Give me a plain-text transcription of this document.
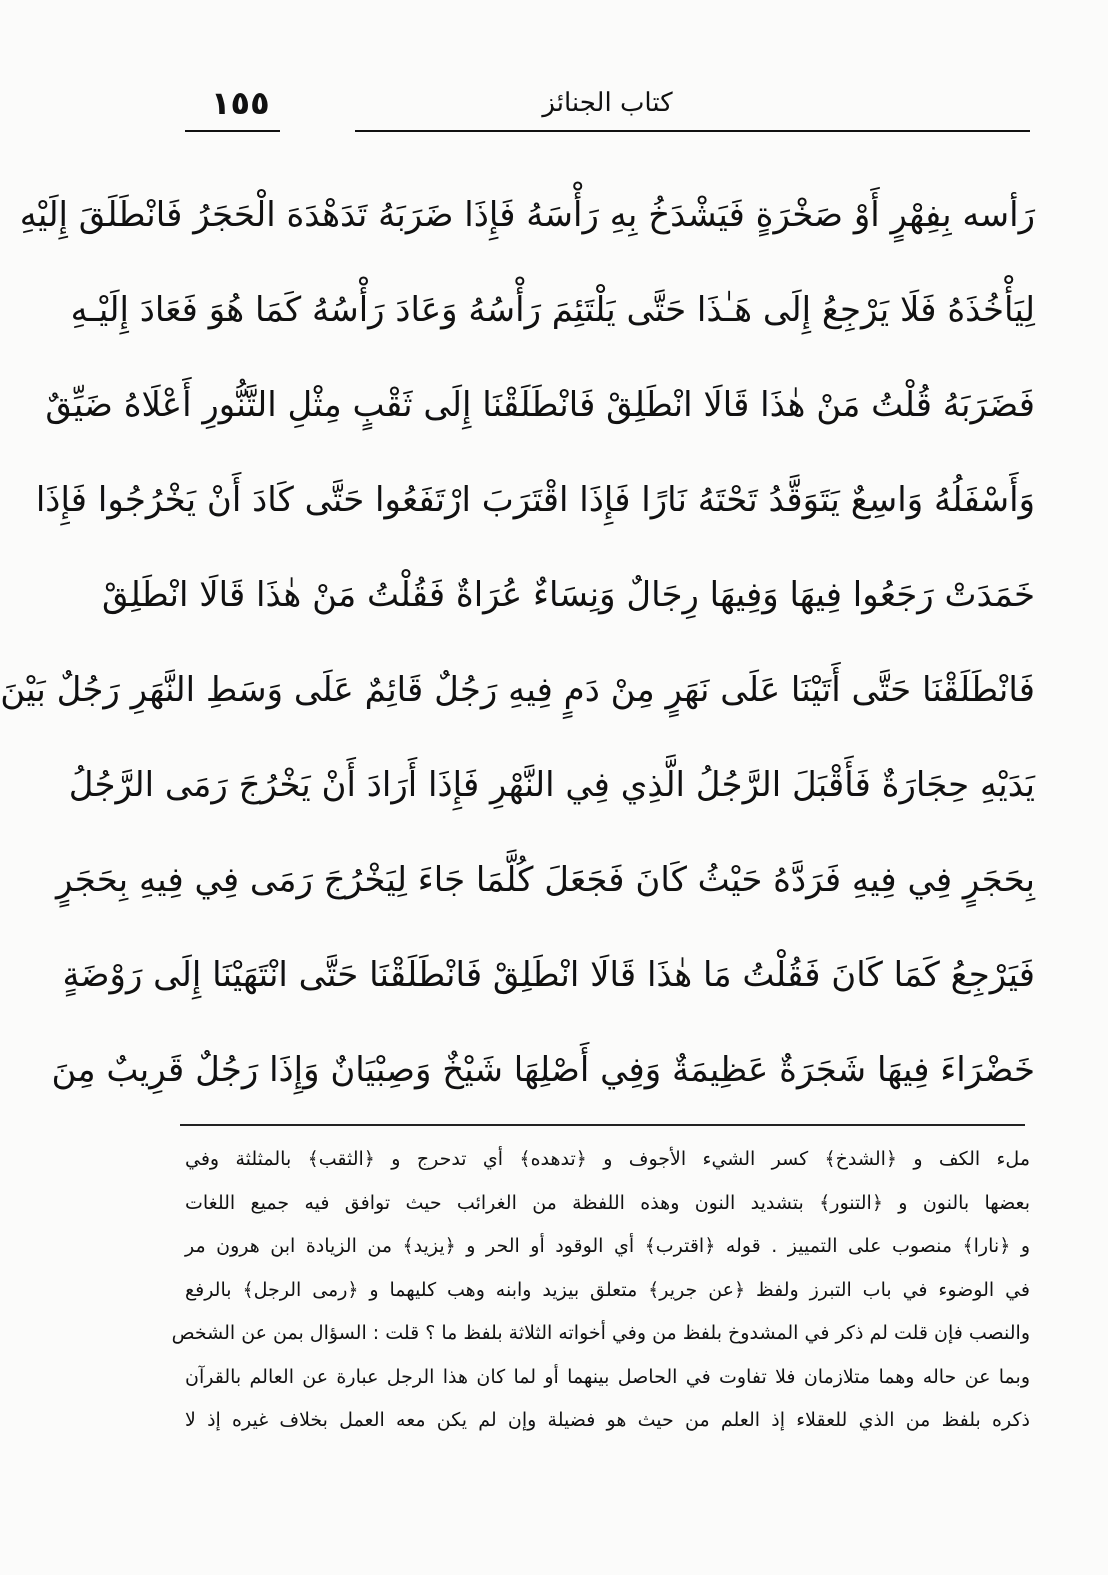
١٥٥	كتاب الجنائز
رَأسه بِفِهْرٍ أَوْ صَخْرَةٍ فَيَشْدَخُ بِهِ رَأْسَهُ فَإِذَا ضَرَبَهُ تَدَهْدَهَ الْحَجَرُ فَانْطَلَقَ إِلَيْهِ
لِيَأْخُذَهُ فَلَا يَرْجِعُ إِلَى هَـٰذَا حَتَّى يَلْتَئِمَ رَأْسُهُ وَعَادَ رَأْسُهُ كَمَا هُوَ فَعَادَ إِلَيْـهِ
فَضَرَبَهُ قُلْتُ مَنْ هٰذَا قَالَا انْطَلِقْ فَانْطَلَقْنَا إِلَى ثَقْبٍ مِثْلِ التَّنُّورِ أَعْلَاهُ ضَيِّقٌ
وَأَسْفَلُهُ وَاسِعٌ يَتَوَقَّدُ تَحْتَهُ نَارًا فَإِذَا اقْتَرَبَ ارْتَفَعُوا حَتَّى كَادَ أَنْ يَخْرُجُوا فَإِذَا
خَمَدَتْ رَجَعُوا فِيهَا وَفِيهَا رِجَالٌ وَنِسَاءٌ عُرَاةٌ فَقُلْتُ مَنْ هٰذَا قَالَا انْطَلِقْ
فَانْطَلَقْنَا حَتَّى أَتَيْنَا عَلَى نَهَرٍ مِنْ دَمٍ فِيهِ رَجُلٌ قَائِمٌ عَلَى وَسَطِ النَّهَرِ رَجُلٌ بَيْنَ
يَدَيْهِ حِجَارَةٌ فَأَقْبَلَ الرَّجُلُ الَّذِي فِي النَّهْرِ فَإِذَا أَرَادَ أَنْ يَخْرُجَ رَمَى الرَّجُلُ
بِحَجَرٍ فِي فِيهِ فَرَدَّهُ حَيْثُ كَانَ فَجَعَلَ كُلَّمَا جَاءَ لِيَخْرُجَ رَمَى فِي فِيهِ بِحَجَرٍ
فَيَرْجِعُ كَمَا كَانَ فَقُلْتُ مَا هٰذَا قَالَا انْطَلِقْ فَانْطَلَقْنَا حَتَّى انْتَهَيْنَا إِلَى رَوْضَةٍ
خَضْرَاءَ فِيهَا شَجَرَةٌ عَظِيمَةٌ وَفِي أَصْلِهَا شَيْخٌ وَصِبْيَانٌ وَإِذَا رَجُلٌ قَرِيبٌ مِنَ
ملء الكف و ﴿الشدخ﴾ كسر الشيء الأجوف و ﴿تدهده﴾ أي تدحرج و ﴿الثقب﴾ بالمثلثة وفي
بعضها بالنون و ﴿التنور﴾ بتشديد النون وهذه اللفظة من الغرائب حيث توافق فيه جميع اللغات
و ﴿نارا﴾ منصوب على التمييز . قوله ﴿اقترب﴾ أي الوقود أو الحر و ﴿يزيد﴾ من الزيادة ابن هرون مر
في الوضوء في باب التبرز ولفظ ﴿عن جرير﴾ متعلق بيزيد وابنه وهب كليهما و ﴿رمى الرجل﴾ بالرفع
والنصب فإن قلت لم ذكر في المشدوخ بلفظ من وفي أخواته الثلاثة بلفظ ما ؟ قلت : السؤال بمن عن الشخص
وبما عن حاله وهما متلازمان فلا تفاوت في الحاصل بينهما أو لما كان هذا الرجل عبارة عن العالم بالقرآن
ذكره بلفظ من الذي للعقلاء إذ العلم من حيث هو فضيلة وإن لم يكن معه العمل بخلاف غيره إذ لا
